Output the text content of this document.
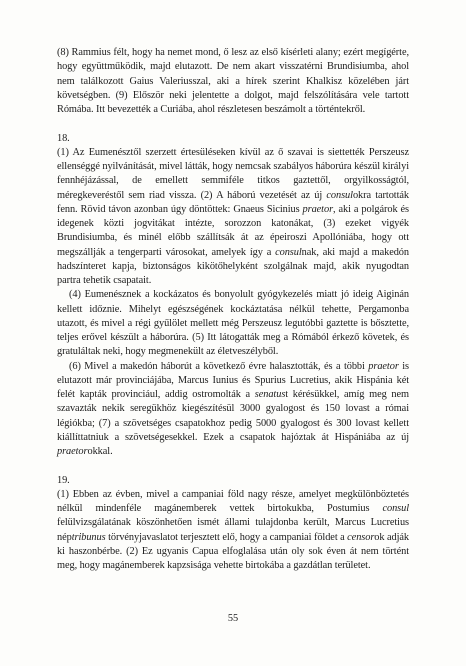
(8) Rammius félt, hogy ha nemet mond, ő lesz az első kísérleti alany; ezért megígérte, hogy együttműködik, majd elutazott. De nem akart visszatérni Brundisiumba, ahol nem találkozott Gaius Valeriusszal, aki a hírek szerint Khalkisz közelében járt követségben. (9) Először neki jelentette a dolgot, majd felszólítására vele tartott Rómába. Itt bevezették a Curiába, ahol részletesen beszámolt a történtekről.

18.

(1) Az Eumenésztől szerzett értesüléseken kívül az ő szavai is siettették Perszeusz ellenséggé nyilvánítását, mivel látták, hogy nemcsak szabályos háborúra készül királyi fennhéjázással, de emellett semmiféle titkos gaztettől, orgyilkosságtól, méregkeveréstől sem riad vissza. (2) A háború vezetését az új consulokra tartották fenn. Rövid távon azonban úgy döntöttek: Gnaeus Sicinius praetor, aki a polgárok és idegenek közti jogvitákat intézte, sorozzon katonákat, (3) ezeket vigyék Brundisiumba, és minél előbb szállítsák át az épeiroszi Apollóniába, hogy ott megszállják a tengerparti városokat, amelyek így a consulnak, aki majd a makedón hadszínteret kapja, biztonságos kikötőhelyként szolgálnak majd, akik nyugodtan partra tehetik csapatait.

(4) Eumenésznek a kockázatos és bonyolult gyógykezelés miatt jó ideig Aiginán kellett időznie. Mihelyt egészségének kockáztatása nélkül tehette, Pergamonba utazott, és mivel a régi gyűlölet mellett még Perszeusz legutóbbi gaztette is bősztette, teljes erővel készült a háborúra. (5) Itt látogatták meg a Rómából érkező követek, és gratuláltak neki, hogy megmenekült az életveszélyből.

(6) Mivel a makedón háborút a következő évre halasztották, és a többi praetor is elutazott már provinciájába, Marcus Iunius és Spurius Lucretius, akik Hispánia két felét kapták provinciául, addig ostromolták a senatust kérésükkel, amíg meg nem szavazták nekik seregükhöz kiegészítésül 3000 gyalogost és 150 lovast a római légiókba; (7) a szövetséges csapatokhoz pedig 5000 gyalogost és 300 lovast kellett kiállíttatniuk a szövetségesekkel. Ezek a csapatok hajóztak át Hispániába az új praetorokkal.

19.

(1) Ebben az évben, mivel a campaniai föld nagy része, amelyet megkülönböztetés nélkül mindenféle magánemberek vettek birtokukba, Postumius consul felülvizsgálatának köszönhetően ismét állami tulajdonba került, Marcus Lucretius néptribunus törvényjavaslatot terjesztett elő, hogy a campaniai földet a censorok adják ki haszonbérbe. (2) Ez ugyanis Capua elfoglalása után oly sok éven át nem történt meg, hogy magánemberek kapzsisága vehette birtokába a gazdátlan területet.

55
